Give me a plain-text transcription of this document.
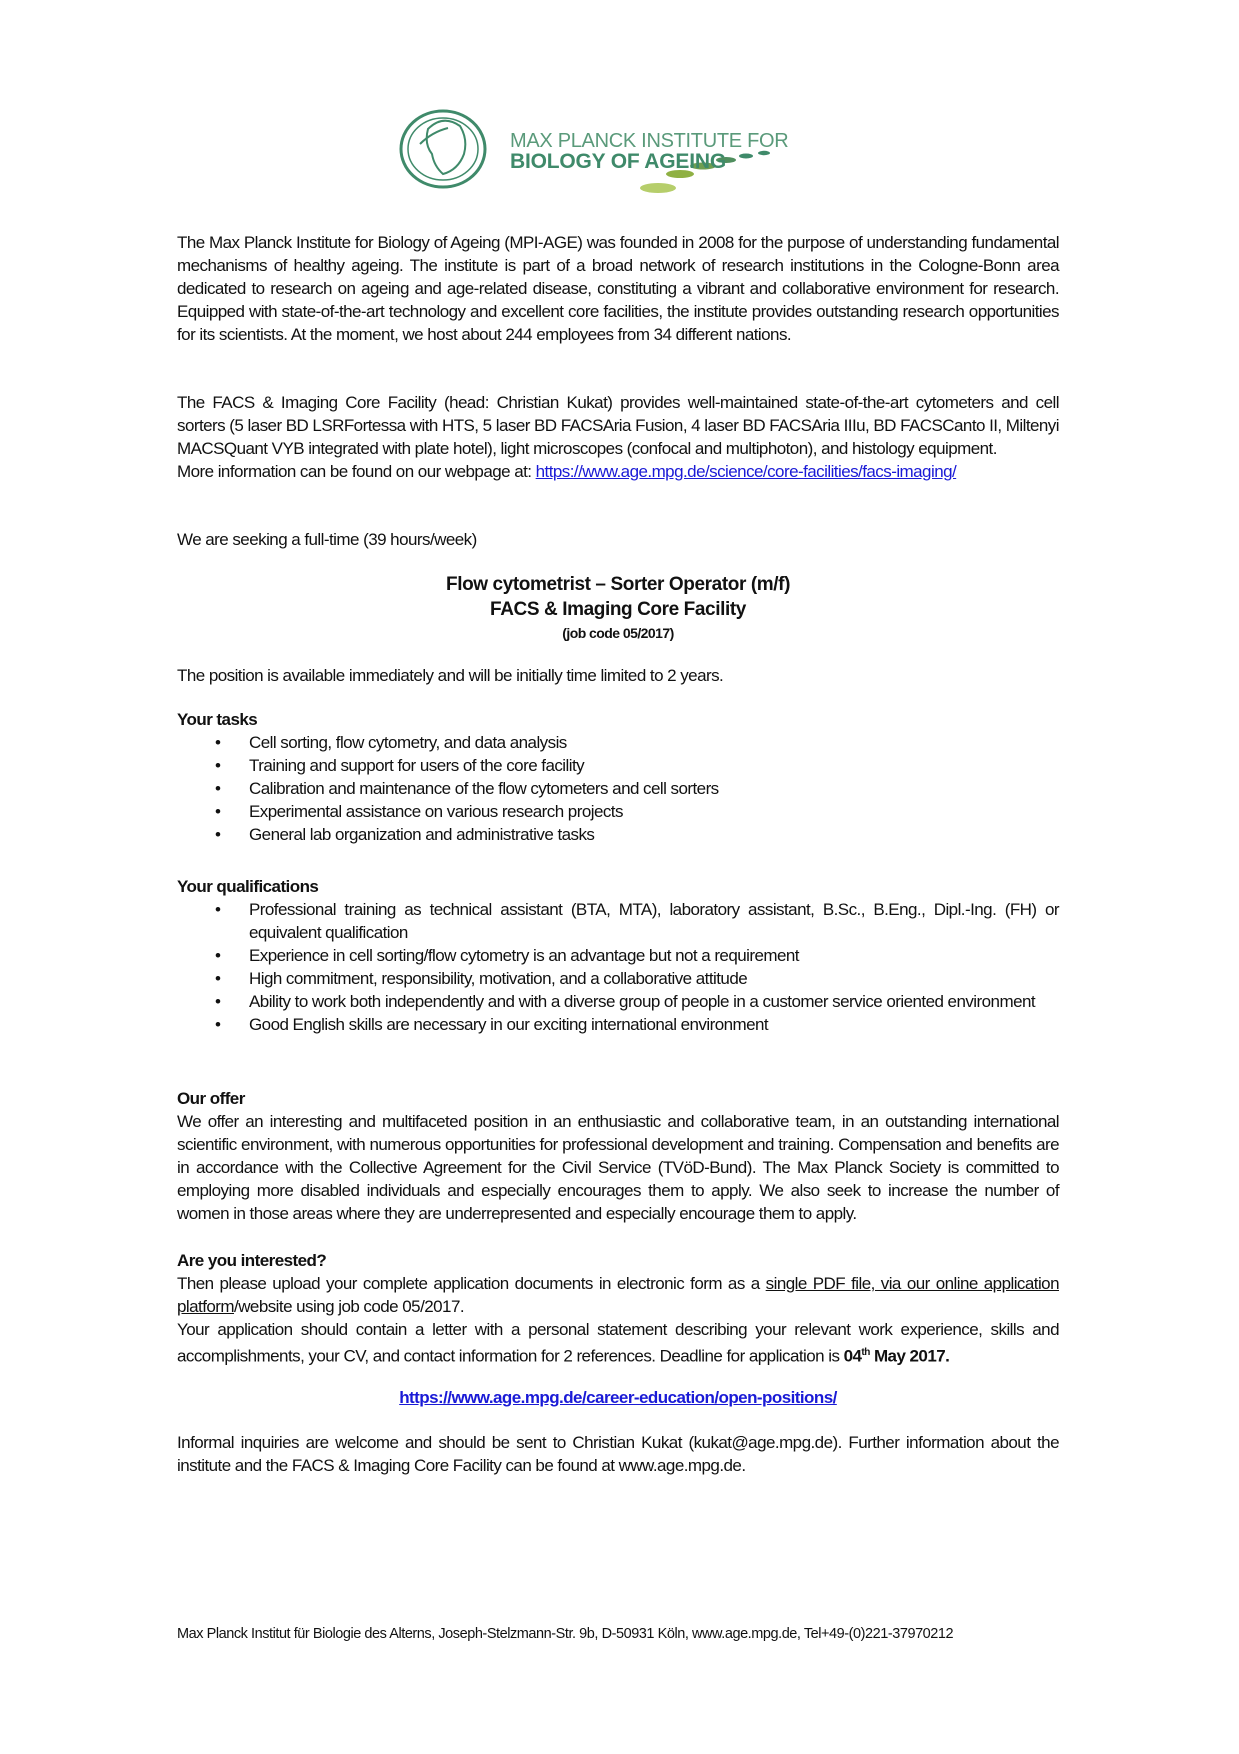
MAX PLANCK INSTITUTE FOR
BIOLOGY OF AGEING
The Max Planck Institute for Biology of Ageing (MPI-AGE) was founded in 2008 for the purpose of understanding fundamental mechanisms of healthy ageing. The institute is part of a broad network of research institutions in the Cologne-Bonn area dedicated to research on ageing and age-related disease, constituting a vibrant and collaborative environment for research. Equipped with state-of-the-art technology and excellent core facilities, the institute provides outstanding research opportunities for its scientists. At the moment, we host about 244 employees from 34 different nations.
The FACS & Imaging Core Facility (head: Christian Kukat) provides well-maintained state-of-the-art cytometers and cell sorters (5 laser BD LSRFortessa with HTS, 5 laser BD FACSAria Fusion, 4 laser BD FACSAria IIIu, BD FACSCanto II, Miltenyi MACSQuant VYB integrated with plate hotel), light microscopes (confocal and multiphoton), and histology equipment.
More information can be found on our webpage at: https://www.age.mpg.de/science/core-facilities/facs-imaging/
We are seeking a full-time (39 hours/week)
Flow cytometrist – Sorter Operator (m/f)
FACS & Imaging Core Facility
(job code 05/2017)
The position is available immediately and will be initially time limited to 2 years.
Your tasks
• Cell sorting, flow cytometry, and data analysis
• Training and support for users of the core facility
• Calibration and maintenance of the flow cytometers and cell sorters
• Experimental assistance on various research projects
• General lab organization and administrative tasks
Your qualifications
• Professional training as technical assistant (BTA, MTA), laboratory assistant, B.Sc., B.Eng., Dipl.-Ing. (FH) or equivalent qualification
• Experience in cell sorting/flow cytometry is an advantage but not a requirement
• High commitment, responsibility, motivation, and a collaborative attitude
• Ability to work both independently and with a diverse group of people in a customer service oriented environment
• Good English skills are necessary in our exciting international environment
Our offer
We offer an interesting and multifaceted position in an enthusiastic and collaborative team, in an outstanding international scientific environment, with numerous opportunities for professional development and training. Compensation and benefits are in accordance with the Collective Agreement for the Civil Service (TVöD-Bund). The Max Planck Society is committed to employing more disabled individuals and especially encourages them to apply. We also seek to increase the number of women in those areas where they are underrepresented and especially encourage them to apply.
Are you interested?
Then please upload your complete application documents in electronic form as a single PDF file, via our online application platform/website using job code 05/2017.
Your application should contain a letter with a personal statement describing your relevant work experience, skills and accomplishments, your CV, and contact information for 2 references. Deadline for application is 04th May 2017.
https://www.age.mpg.de/career-education/open-positions/
Informal inquiries are welcome and should be sent to Christian Kukat (kukat@age.mpg.de). Further information about the institute and the FACS & Imaging Core Facility can be found at www.age.mpg.de.
Max Planck Institut für Biologie des Alterns, Joseph-Stelzmann-Str. 9b, D-50931 Köln, www.age.mpg.de, Tel+49-(0)221-37970212
